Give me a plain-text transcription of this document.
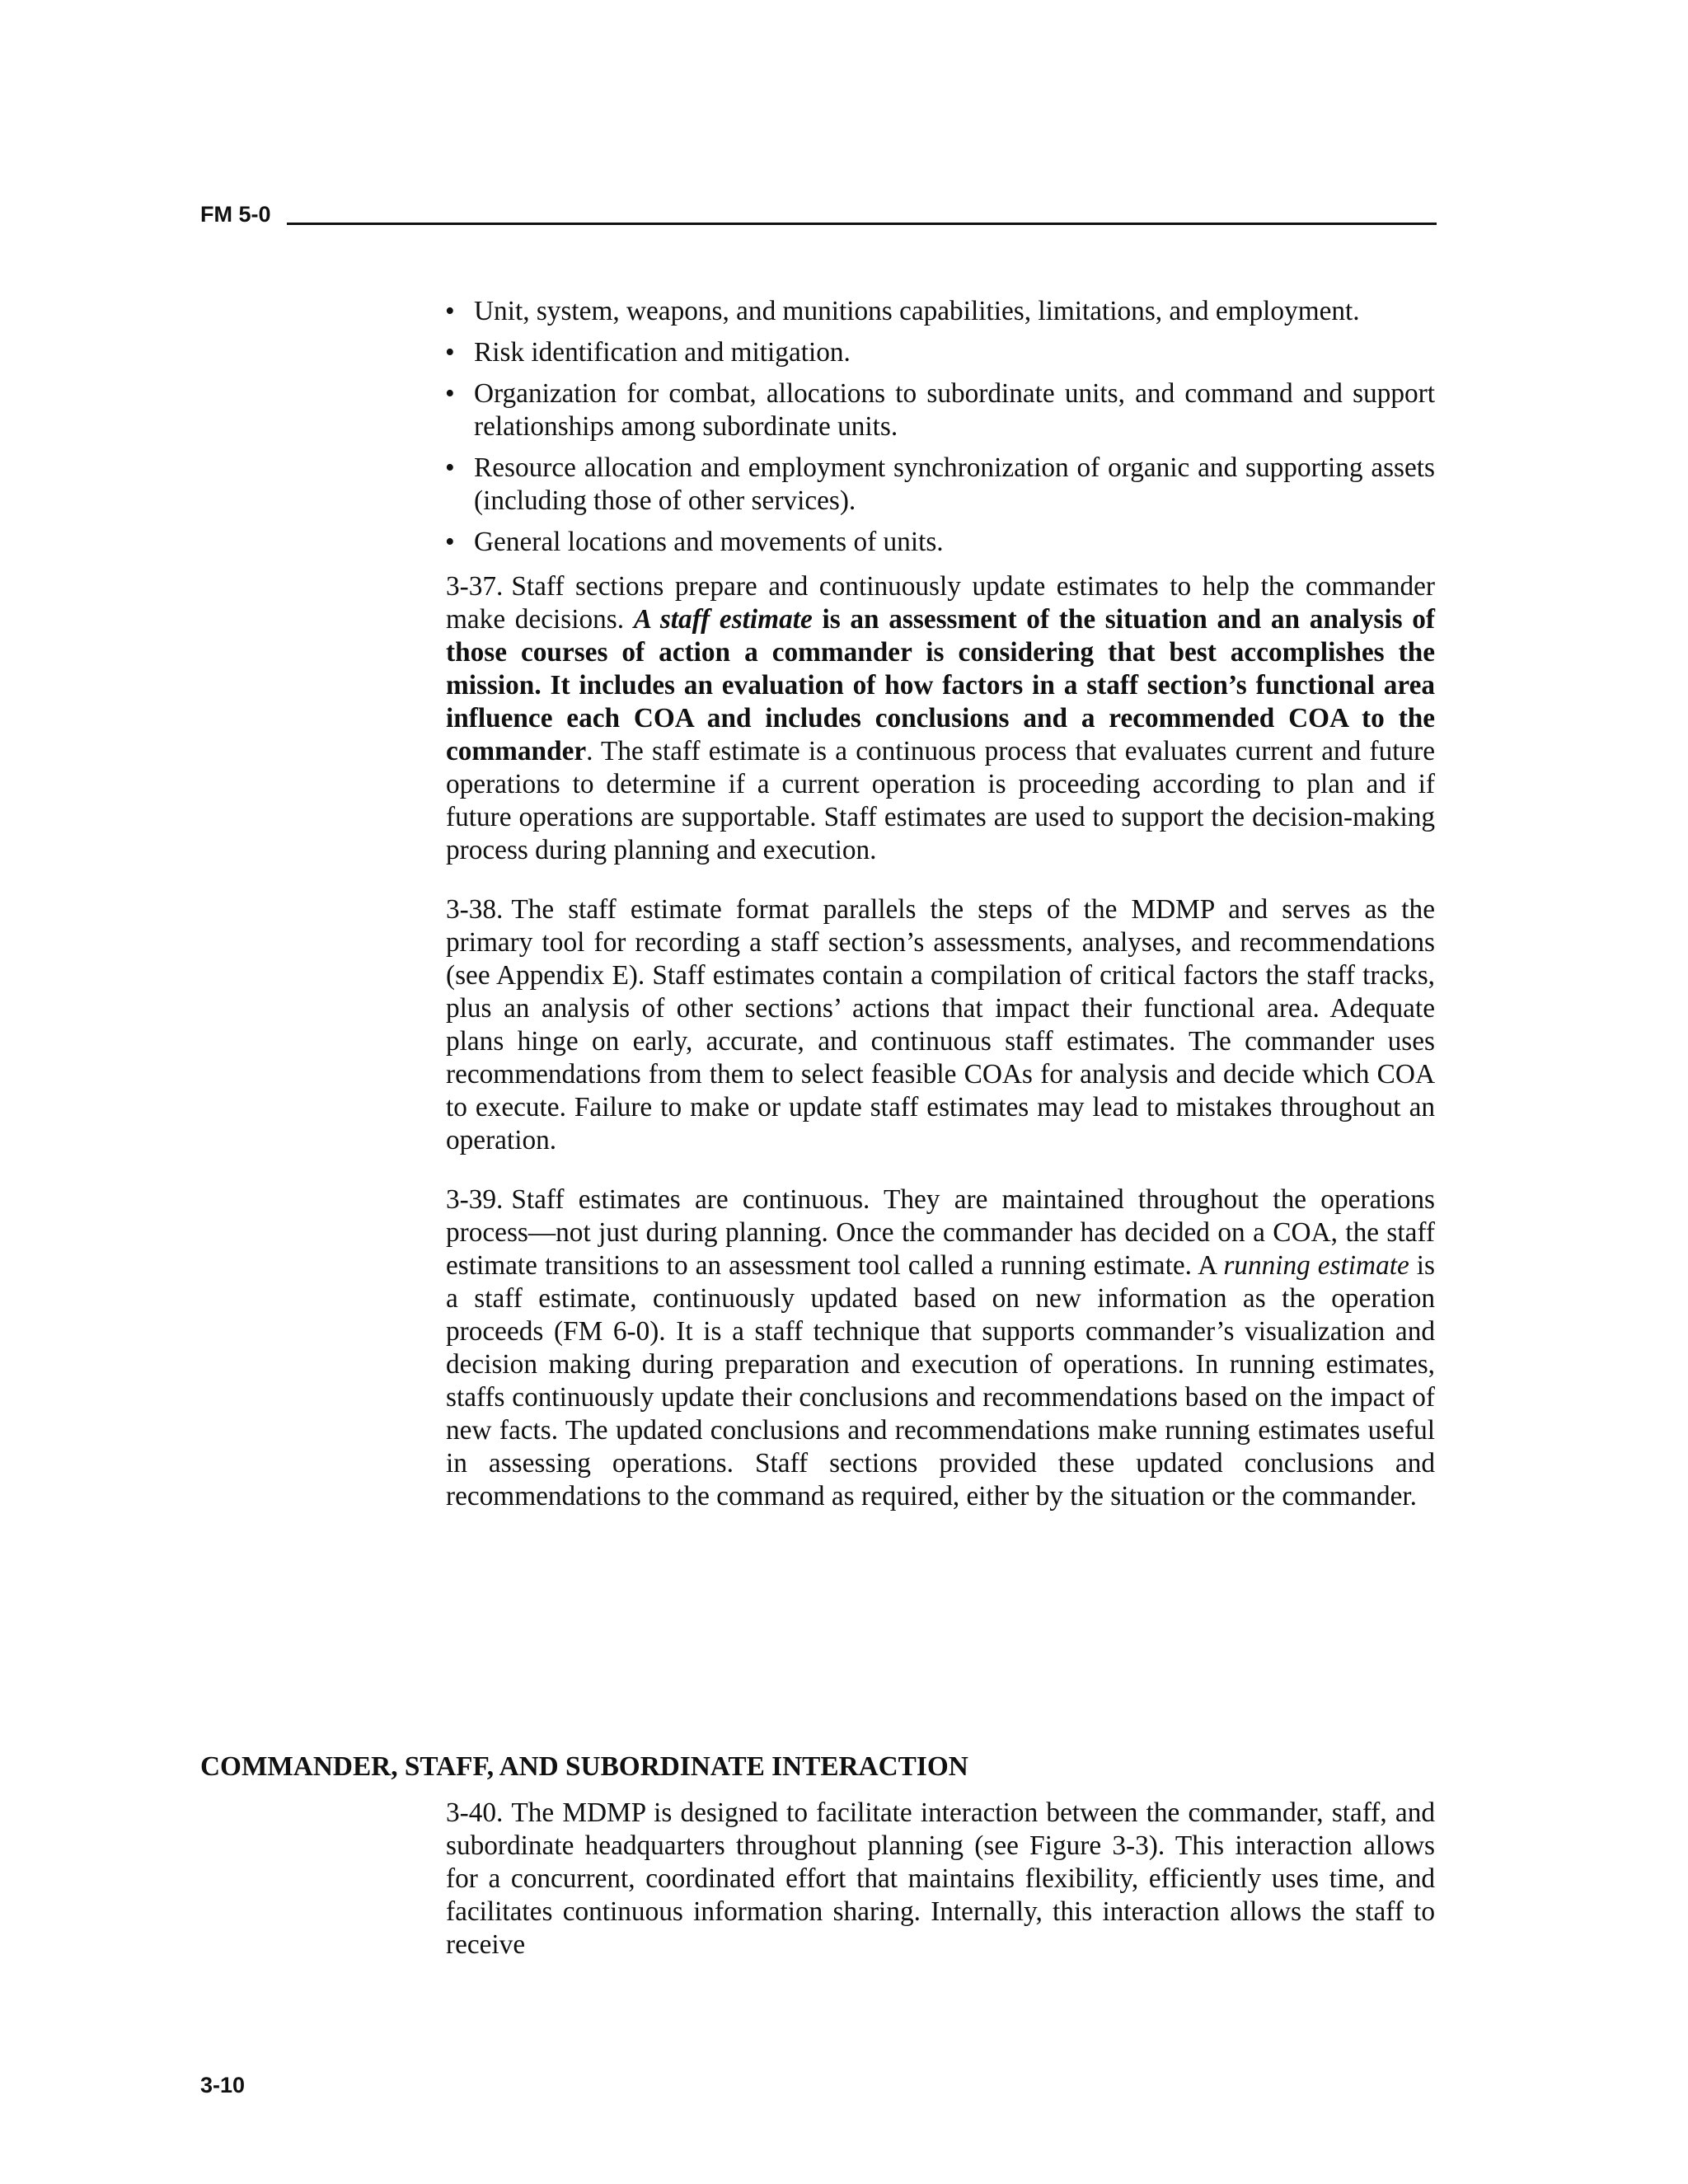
FM 5-0
• Unit, system, weapons, and munitions capabilities, limitations, and employment.
• Risk identification and mitigation.
• Organization for combat, allocations to subordinate units, and command and support relationships among subordinate units.
• Resource allocation and employment synchronization of organic and supporting assets (including those of other services).
• General locations and movements of units.

3-37. Staff sections prepare and continuously update estimates to help the commander make decisions. A staff estimate is an assessment of the situation and an analysis of those courses of action a commander is considering that best accomplishes the mission. It includes an evaluation of how factors in a staff section’s functional area influence each COA and includes conclusions and a recommended COA to the commander. The staff estimate is a continuous process that evaluates current and future operations to determine if a current operation is proceeding according to plan and if future operations are supportable. Staff estimates are used to support the decision-making process during planning and execution.

3-38. The staff estimate format parallels the steps of the MDMP and serves as the primary tool for recording a staff section’s assessments, analyses, and recommendations (see Appendix E). Staff estimates contain a compilation of critical factors the staff tracks, plus an analysis of other sections’ actions that impact their functional area. Adequate plans hinge on early, accurate, and continuous staff estimates. The commander uses recommendations from them to select feasible COAs for analysis and decide which COA to execute. Failure to make or update staff estimates may lead to mistakes throughout an operation.

3-39. Staff estimates are continuous. They are maintained throughout the operations process—not just during planning. Once the commander has decided on a COA, the staff estimate transitions to an assessment tool called a running estimate. A running estimate is a staff estimate, continuously updated based on new information as the operation proceeds (FM 6-0). It is a staff technique that supports commander’s visualization and decision making during preparation and execution of operations. In running estimates, staffs continuously update their conclusions and recommendations based on the impact of new facts. The updated conclusions and recommendations make running estimates useful in assessing operations. Staff sections provided these updated conclusions and recommendations to the command as required, either by the situation or the commander.

COMMANDER, STAFF, AND SUBORDINATE INTERACTION

3-40. The MDMP is designed to facilitate interaction between the commander, staff, and subordinate headquarters throughout planning (see Figure 3-3). This interaction allows for a concurrent, coordinated effort that maintains flexibility, efficiently uses time, and facilitates continuous information sharing. Internally, this interaction allows the staff to receive

3-10
